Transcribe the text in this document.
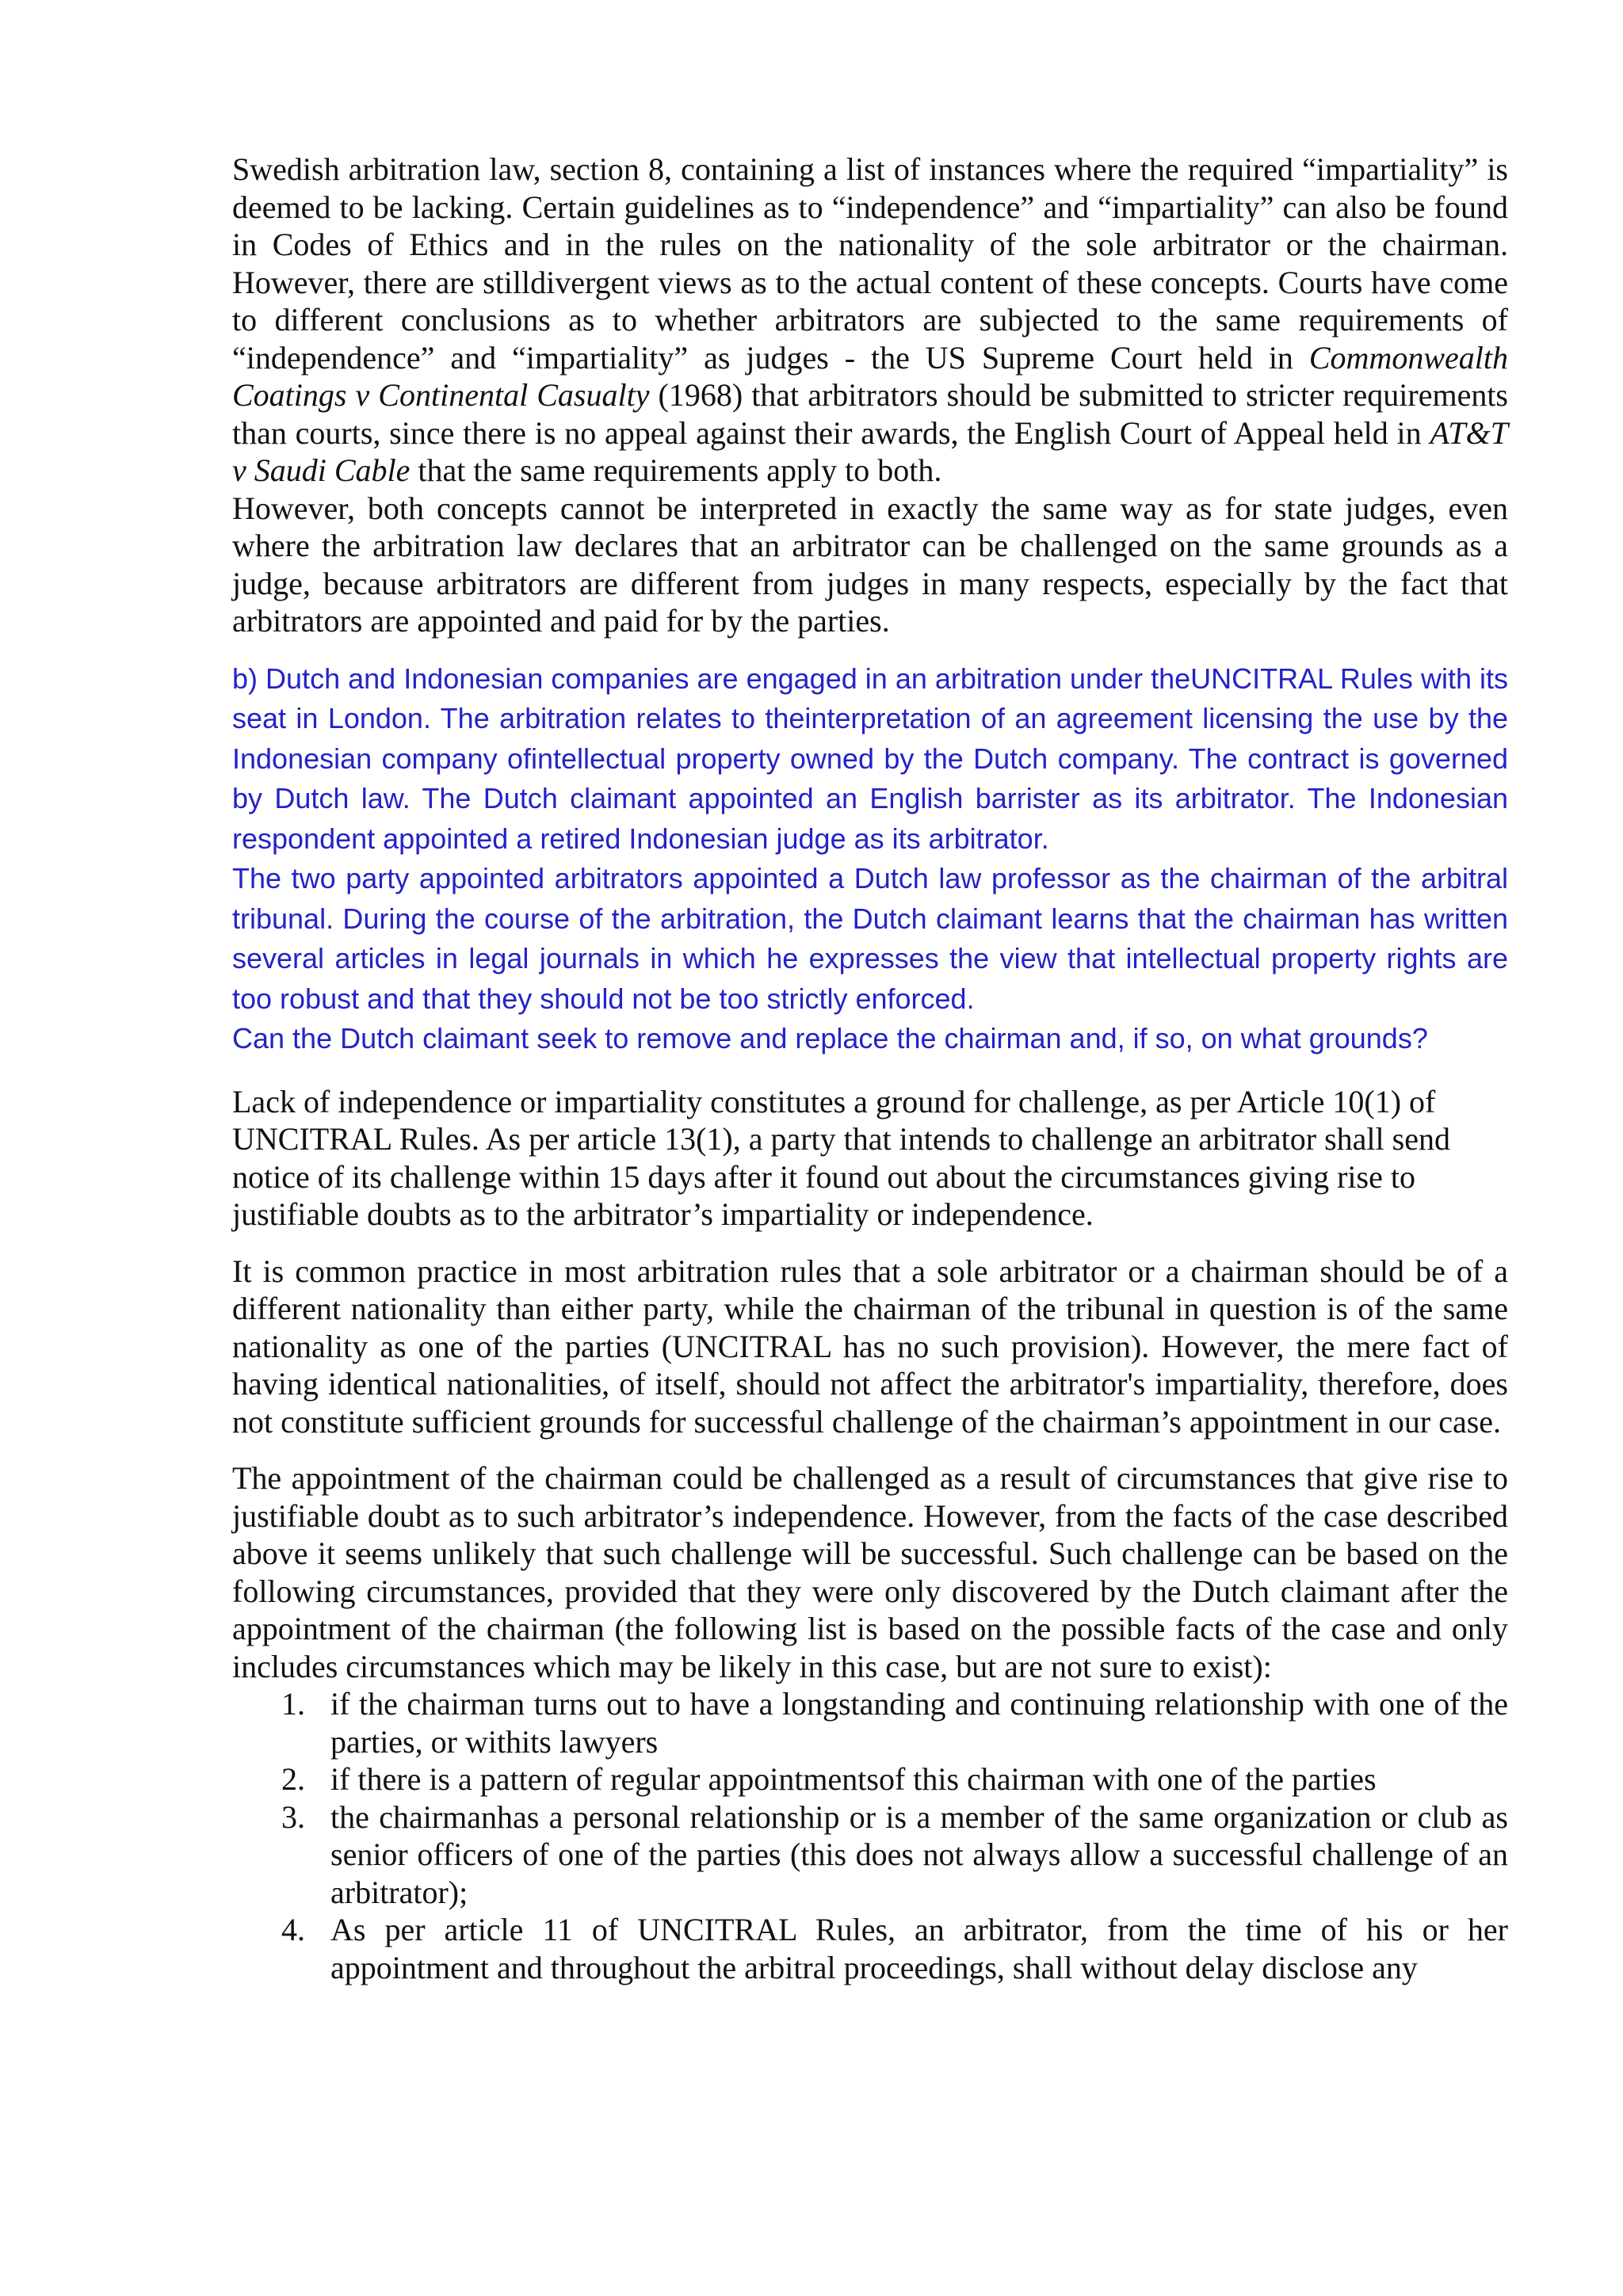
Swedish arbitration law, section 8, containing a list of instances where the required “impartiality” is deemed to be lacking. Certain guidelines as to “independence” and “impartiality” can also be found in Codes of Ethics and in the rules on the nationality of the sole arbitrator or the chairman. However, there are stilldivergent views as to the actual content of these concepts. Courts have come to different conclusions as to whether arbitrators are subjected to the same requirements of “independence” and “impartiality” as judges - the US Supreme Court held in Commonwealth Coatings v Continental Casualty (1968) that arbitrators should be submitted to stricter requirements than courts, since there is no appeal against their awards, the English Court of Appeal held in AT&T v Saudi Cable that the same requirements apply to both.

However, both concepts cannot be interpreted in exactly the same way as for state judges, even where the arbitration law declares that an arbitrator can be challenged on the same grounds as a judge, because arbitrators are different from judges in many respects, especially by the fact that arbitrators are appointed and paid for by the parties.

b) Dutch and Indonesian companies are engaged in an arbitration under theUNCITRAL Rules with its seat in London. The arbitration relates to theinterpretation of an agreement licensing the use by the Indonesian company ofintellectual property owned by the Dutch company. The contract is governed by Dutch law. The Dutch claimant appointed an English barrister as its arbitrator. The Indonesian respondent appointed a retired Indonesian judge as its arbitrator.

The two party appointed arbitrators appointed a Dutch law professor as the chairman of the arbitral tribunal. During the course of the arbitration, the Dutch claimant learns that the chairman has written several articles in legal journals in which he expresses the view that intellectual property rights are too robust and that they should not be too strictly enforced.

Can the Dutch claimant seek to remove and replace the chairman and, if so, on what grounds?

Lack of independence or impartiality constitutes a ground for challenge, as per Article 10(1) of UNCITRAL Rules. As per article 13(1), a party that intends to challenge an arbitrator shall send notice of its challenge within 15 days after it found out about the circumstances giving rise to justifiable doubts as to the arbitrator’s impartiality or independence.

It is common practice in most arbitration rules that a sole arbitrator or a chairman should be of a different nationality than either party, while the chairman of the tribunal in question is of the same nationality as one of the parties (UNCITRAL has no such provision). However, the mere fact of having identical nationalities, of itself, should not affect the arbitrator's impartiality, therefore, does not constitute sufficient grounds for successful challenge of the chairman’s appointment in our case.

The appointment of the chairman could be challenged as a result of circumstances that give rise to justifiable doubt as to such arbitrator’s independence. However, from the facts of the case described above it seems unlikely that such challenge will be successful. Such challenge can be based on the following circumstances, provided that they were only discovered by the Dutch claimant after the appointment of the chairman (the following list is based on the possible facts of the case and only includes circumstances which may be likely in this case, but are not sure to exist):

1. if the chairman turns out to have a longstanding and continuing relationship with one of the parties, or withits lawyers
2. if there is a pattern of regular appointmentsof this chairman with one of the parties
3. the chairmanhas a personal relationship or is a member of the same organization or club as senior officers of one of the parties (this does not always allow a successful challenge of an arbitrator);
4. As per article 11 of UNCITRAL Rules, an arbitrator, from the time of his or her appointment and throughout the arbitral proceedings, shall without delay disclose any
